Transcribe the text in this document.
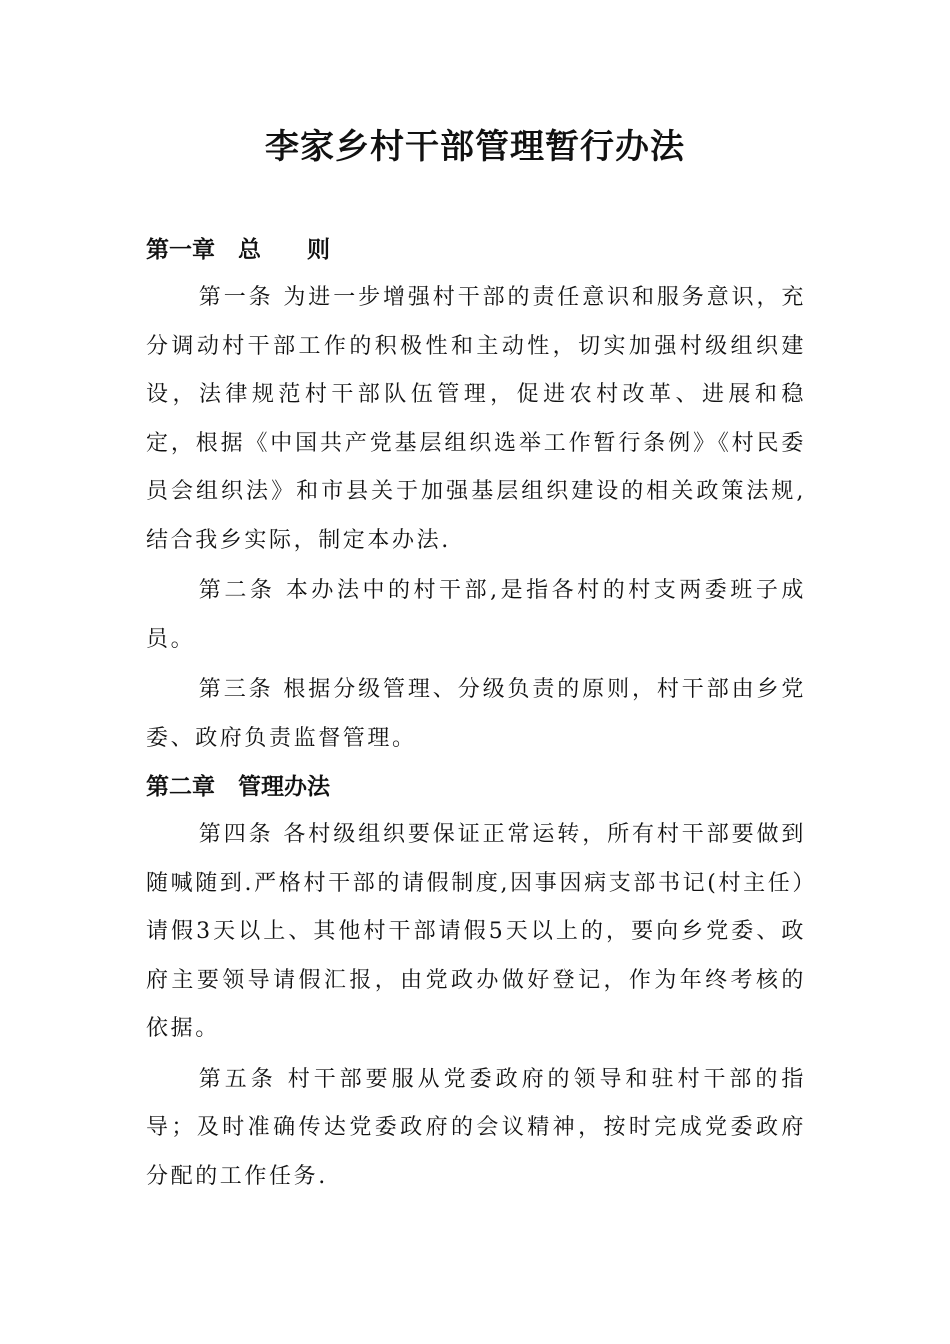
李家乡村干部管理暂行办法
第一章　总　　则

第一条 为进一步增强村干部的责任意识和服务意识，充分调动村干部工作的积极性和主动性，切实加强村级组织建设，法律规范村干部队伍管理，促进农村改革、进展和稳定，根据《中国共产党基层组织选举工作暂行条例》《村民委员会组织法》和市县关于加强基层组织建设的相关政策法规,结合我乡实际，制定本办法.

第二条 本办法中的村干部,是指各村的村支两委班子成员。

第三条 根据分级管理、分级负责的原则，村干部由乡党委、政府负责监督管理。

第二章　管理办法

第四条 各村级组织要保证正常运转，所有村干部要做到随喊随到.严格村干部的请假制度,因事因病支部书记(村主任）请假3天以上、其他村干部请假5天以上的，要向乡党委、政府主要领导请假汇报，由党政办做好登记，作为年终考核的依据。

第五条 村干部要服从党委政府的领导和驻村干部的指导；及时准确传达党委政府的会议精神，按时完成党委政府分配的工作任务.
